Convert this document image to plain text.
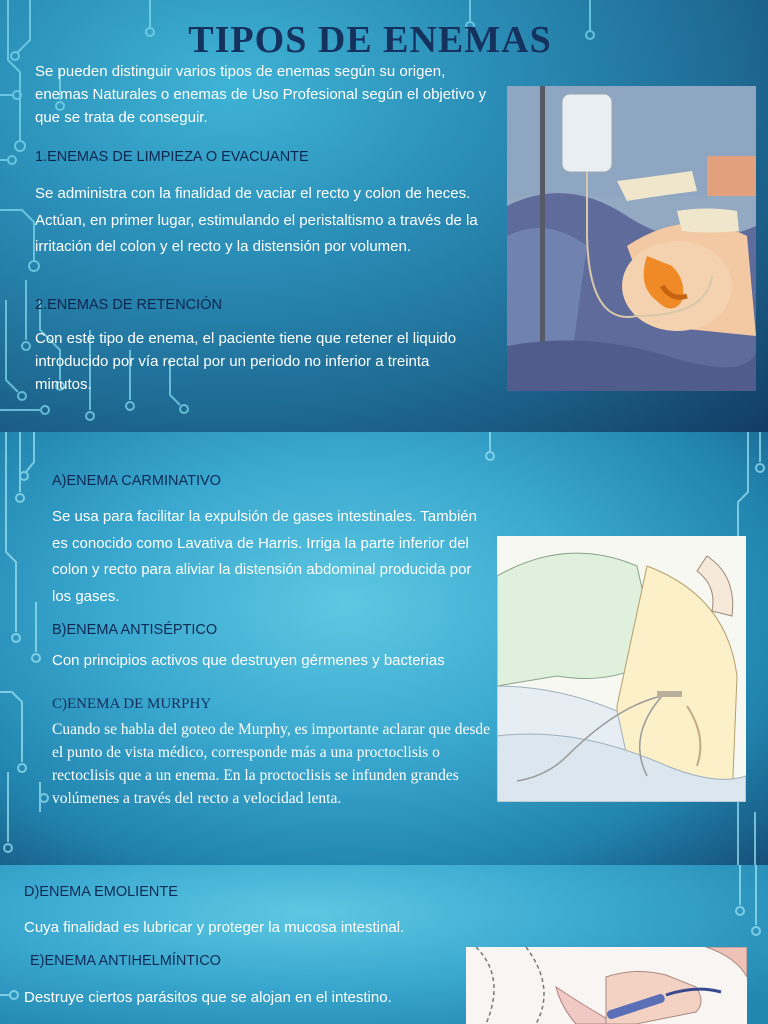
TIPOS DE ENEMAS
Se pueden distinguir varios tipos de enemas según su origen, enemas Naturales o enemas de Uso Profesional según el objetivo y que se trata de conseguir.
1.ENEMAS DE LIMPIEZA O EVACUANTE
Se administra con la finalidad de vaciar el recto y colon de heces. Actúan, en primer lugar, estimulando el peristaltismo a través de la irritación del colon y el recto y la distensión por volumen.
2.ENEMAS DE RETENCIÓN
Con este tipo de enema, el paciente tiene que retener el liquido introducido por vía rectal por un periodo no inferior a treinta minutos.
A)ENEMA CARMINATIVO
Se usa para facilitar la expulsión de gases intestinales. También es conocido como Lavativa de Harris. Irriga la parte inferior del colon y recto para aliviar la distensión abdominal producida por los gases.
B)ENEMA ANTISÉPTICO
Con principios activos que destruyen gérmenes y bacterias
C)ENEMA DE MURPHY
Cuando se habla del goteo de Murphy, es importante aclarar que desde el punto de vista médico, corresponde más a una proctoclisis o rectoclisis que a un enema. En la proctoclisis se infunden grandes volúmenes a través del recto a velocidad lenta.
D)ENEMA EMOLIENTE
Cuya finalidad es lubricar y proteger la mucosa intestinal.
E)ENEMA ANTIHELMÍNTICO
Destruye ciertos parásitos que se alojan en el intestino.
